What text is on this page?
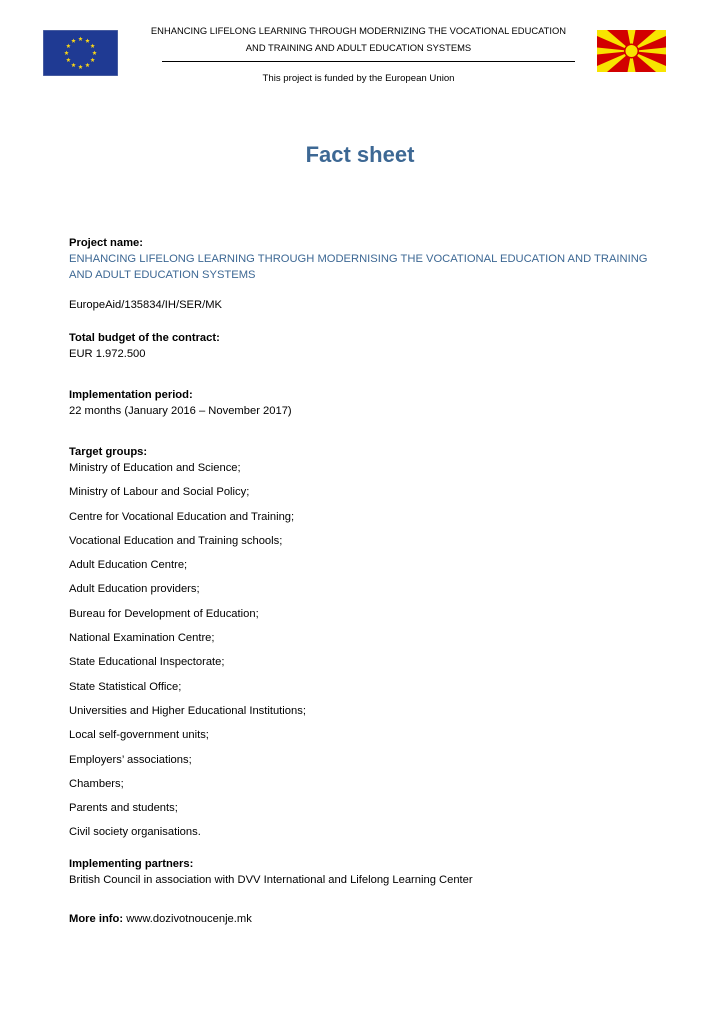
ENHANCING LIFELONG LEARNING THROUGH MODERNIZING THE VOCATIONAL EDUCATION
AND TRAINING AND ADULT EDUCATION SYSTEMS
This project is funded by the European Union
Fact sheet
Project name:
ENHANCING LIFELONG LEARNING THROUGH MODERNISING THE VOCATIONAL EDUCATION AND TRAINING
AND ADULT EDUCATION SYSTEMS
EuropeAid/135834/IH/SER/MK
Total budget of the contract:
EUR 1.972.500
Implementation period:
22 months (January 2016 – November 2017)
Target groups:
Ministry of Education and Science;
Ministry of Labour and Social Policy;
Centre for Vocational Education and Training;
Vocational Education and Training schools;
Adult Education Centre;
Adult Education providers;
Bureau for Development of Education;
National Examination Centre;
State Educational Inspectorate;
State Statistical Office;
Universities and Higher Educational Institutions;
Local self-government units;
Employers’ associations;
Chambers;
Parents and students;
Civil society organisations.
Implementing partners:
British Council in association with DVV International and Lifelong Learning Center
More info: www.dozivotnoucenje.mk
